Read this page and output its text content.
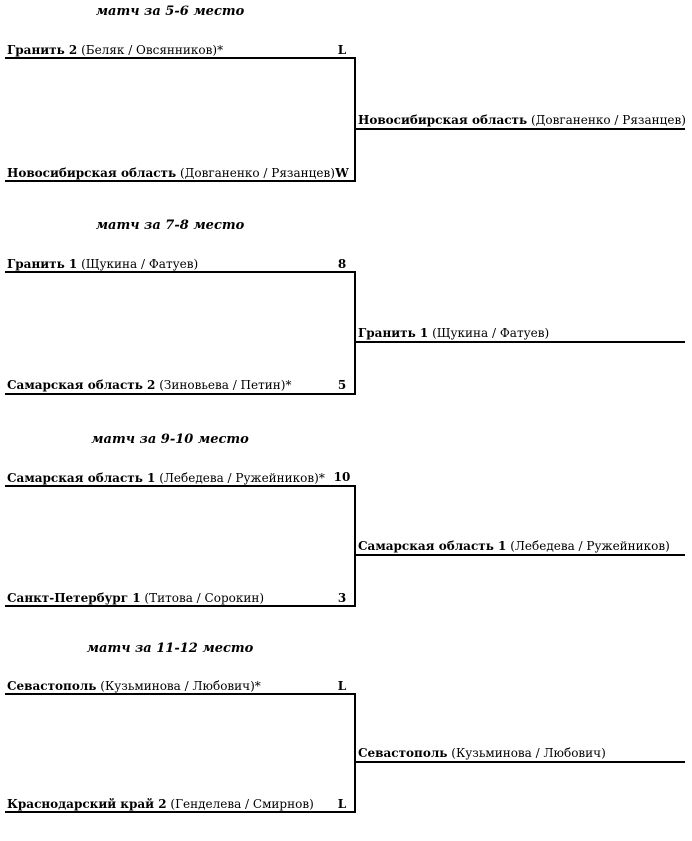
матч за 5-6 место
Гранить 2 (Беляк / Овсянников)*	L
Новосибирская область (Довганенко / Рязанцев) W
Новосибирская область (Довганенко / Рязанцев)
матч за 7-8 место
Гранить 1 (Щукина / Фатуев)	8
Самарская область 2 (Зиновьева / Петин)*	5
Гранить 1 (Щукина / Фатуев)
матч за 9-10 место
Самарская область 1 (Лебедева / Ружейников)* 10
Санкт-Петербург 1 (Титова / Сорокин)	3
Самарская область 1 (Лебедева / Ружейников)
матч за 11-12 место
Севастополь (Кузьминова / Любович)*	L
Краснодарский край 2 (Генделева / Смирнов)	L
Севастополь (Кузьминова / Любович)
